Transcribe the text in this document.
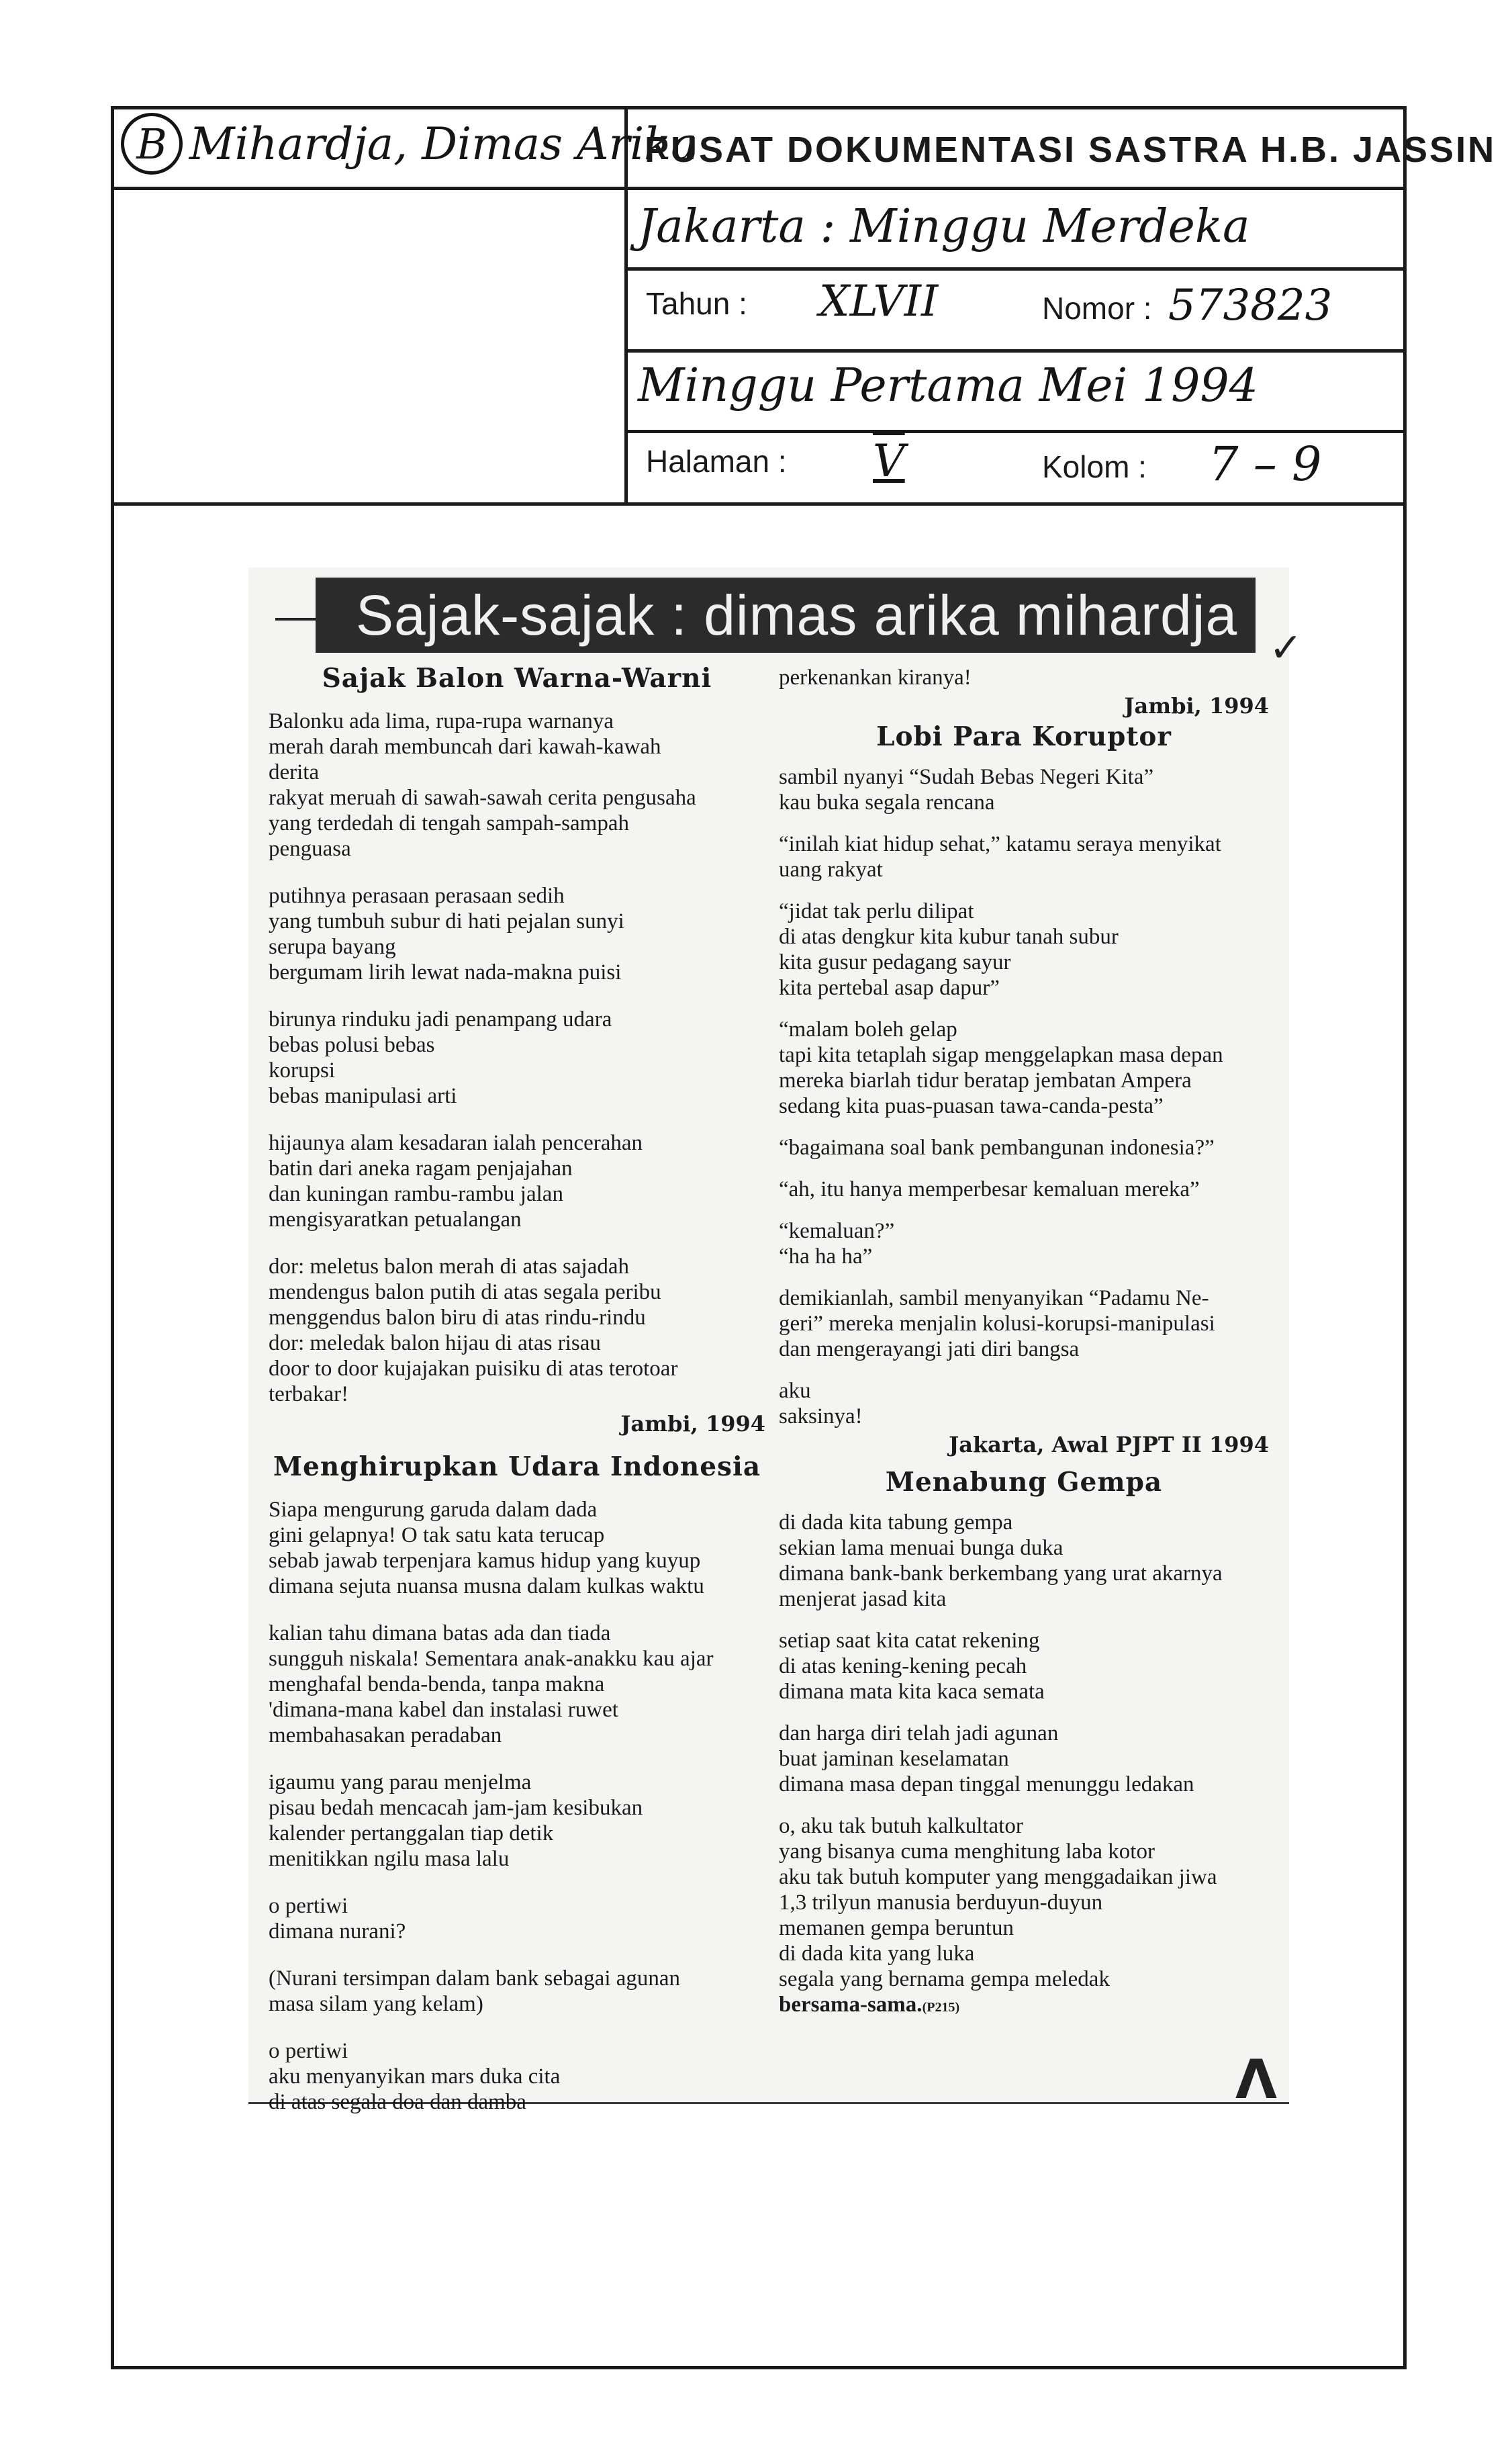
B Mihardja, Dimas Arika
PUSAT DOKUMENTASI SASTRA H.B. JASSIN
Jakarta : Minggu Merdeka
Tahun : XLVII	Nomor : 573823
Minggu Pertama Mei 1994
Halaman : V	Kolom : 7 – 9
Sajak-sajak : dimas arika mihardja
✓
Λ
Sajak Balon Warna-Warni
Balonku ada lima, rupa-rupa warnanya
merah darah membuncah dari kawah-kawah
derita
rakyat meruah di sawah-sawah cerita pengusaha
yang terdedah di tengah sampah-sampah
penguasa
putihnya perasaan perasaan sedih
yang tumbuh subur di hati pejalan sunyi
serupa bayang
bergumam lirih lewat nada-makna puisi
birunya rinduku jadi penampang udara
bebas polusi bebas
korupsi
bebas manipulasi arti
hijaunya alam kesadaran ialah pencerahan
batin dari aneka ragam penjajahan
dan kuningan rambu-rambu jalan
mengisyaratkan petualangan
dor: meletus balon merah di atas sajadah
mendengus balon putih di atas segala peribu
menggendus balon biru di atas rindu-rindu
dor: meledak balon hijau di atas risau
door to door kujajakan puisiku di atas terotoar
terbakar!
Jambi, 1994
Menghirupkan Udara Indonesia
Siapa mengurung garuda dalam dada
gini gelapnya! O tak satu kata terucap
sebab jawab terpenjara kamus hidup yang kuyup
dimana sejuta nuansa musna dalam kulkas waktu
kalian tahu dimana batas ada dan tiada
sungguh niskala! Sementara anak-anakku kau ajar
menghafal benda-benda, tanpa makna
'dimana-mana kabel dan instalasi ruwet
membahasakan peradaban
igaumu yang parau menjelma
pisau bedah mencacah jam-jam kesibukan
kalender pertanggalan tiap detik
menitikkan ngilu masa lalu
o pertiwi
dimana nurani?
(Nurani tersimpan dalam bank sebagai agunan
masa silam yang kelam)
o pertiwi
aku menyanyikan mars duka cita
di atas segala doa dan damba
perkenankan kiranya!
Jambi, 1994
Lobi Para Koruptor
sambil nyanyi “Sudah Bebas Negeri Kita”
kau buka segala rencana
“inilah kiat hidup sehat,” katamu seraya menyikat
uang rakyat
“jidat tak perlu dilipat
di atas dengkur kita kubur tanah subur
kita gusur pedagang sayur
kita pertebal asap dapur”
“malam boleh gelap
tapi kita tetaplah sigap menggelapkan masa depan
mereka biarlah tidur beratap jembatan Ampera
sedang kita puas-puasan tawa-canda-pesta”
“bagaimana soal bank pembangunan indonesia?”
“ah, itu hanya memperbesar kemaluan mereka”
“kemaluan?”
“ha ha ha”
demikianlah, sambil menyanyikan “Padamu Ne-
geri” mereka menjalin kolusi-korupsi-manipulasi
dan mengerayangi jati diri bangsa
aku
saksinya!
Jakarta, Awal PJPT II 1994
Menabung Gempa
di dada kita tabung gempa
sekian lama menuai bunga duka
dimana bank-bank berkembang yang urat akarnya
menjerat jasad kita
setiap saat kita catat rekening
di atas kening-kening pecah
dimana mata kita kaca semata
dan harga diri telah jadi agunan
buat jaminan keselamatan
dimana masa depan tinggal menunggu ledakan
o, aku tak butuh kalkultator
yang bisanya cuma menghitung laba kotor
aku tak butuh komputer yang menggadaikan jiwa
1,3 trilyun manusia berduyun-duyun
memanen gempa beruntun
di dada kita yang luka
segala yang bernama gempa meledak
bersama-sama.(P215)
